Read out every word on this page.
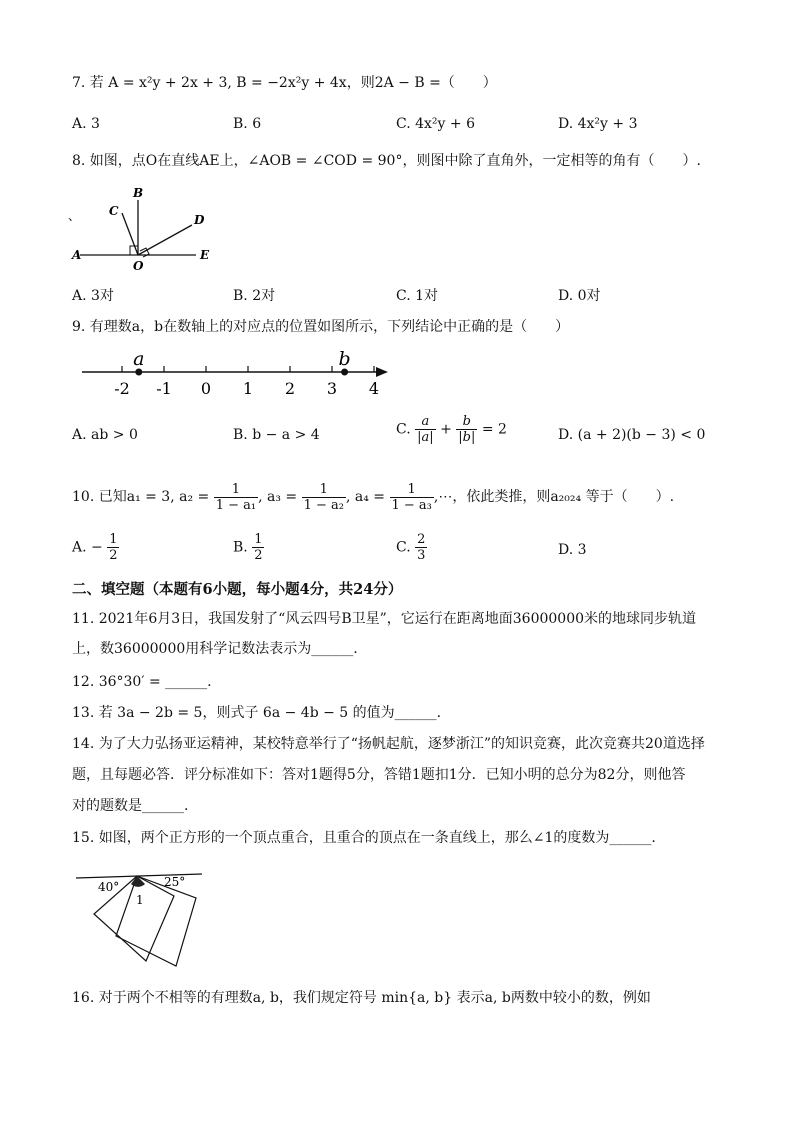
7. 若 A = x²y + 2x + 3, B = −2x²y + 4x，则2A − B =（　　）
A. 3	B. 6	C. 4x²y + 6	D. 4x²y + 3
8. 如图，点O在直线AE上，∠AOB = ∠COD = 90°，则图中除了直角外，一定相等的角有（　　）.
、
A
B
C
D
O
E
A. 3对	B. 2对	C. 1对	D. 0对
9. 有理数a，b在数轴上的对应点的位置如图所示，下列结论中正确的是（　　）
-2 -1 0 1 2 3 4
a	b
A. ab > 0	B. b − a > 4	C. $\frac{a}{|a|} + \frac{b}{|b|} = 2$	D. (a + 2)(b − 3) < 0
10. 已知a₁ = 3, $a_2 = \frac{1}{\text{1 − a₁}}$ , $a_3 = \frac{1}{\text{1 − a₂}}$ , $a_4 = \frac{1}{\text{1 − a₃}}$ ,⋯，依此类推，则a₂₀₂₄ 等于（　　）.
A. − $\frac{1}{2}$	B. $\frac{1}{2}$	C. $\frac{2}{3}$	D. 3
二、填空题（本题有6小题，每小题4分，共24分）
11. 2021年6月3日，我国发射了“风云四号B卫星”，它运行在距离地面36000000米的地球同步轨道
上，数36000000用科学记数法表示为______.
12. 36°30′ = ______.
13. 若 3a − 2b = 5，则式子 6a − 4b − 5 的值为______.
14. 为了大力弘扬亚运精神，某校特意举行了“扬帆起航，逐梦浙江”的知识竞赛，此次竞赛共20道选择
题，且每题必答．评分标准如下：答对1题得5分，答错1题扣1分．已知小明的总分为82分，则他答
对的题数是______.
15. 如图，两个正方形的一个顶点重合，且重合的顶点在一条直线上，那么∠1的度数为______.
40°	25°
1
16. 对于两个不相等的有理数a, b，我们规定符号 min{a, b} 表示a, b两数中较小的数，例如
